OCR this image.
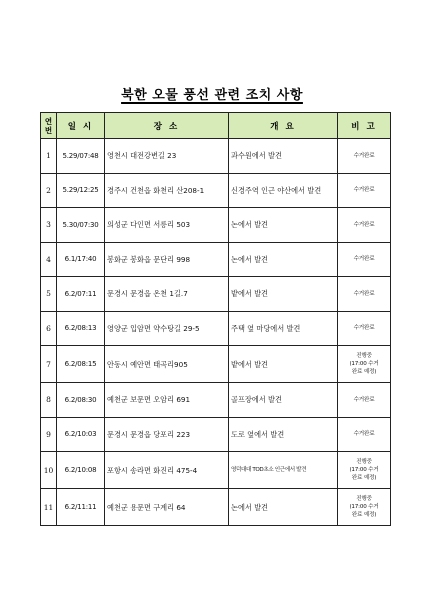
북한 오물 풍선 관련 조치 사항
연
번	일 시	장 소	개 요	비 고
1	5.29/07:48	영천시 대전강변길 23	과수원에서 발견	수거완료

2	5.29/12:25	경주시 건천읍 화천리 산208-1	신경주역 인근 야산에서 발견	수거완료

3	5.30/07:30	의성군 다인면 서릉리 503	논에서 발견	수거완료

4	6.1/17:40	봉화군 봉화읍 문단리 998	논에서 발견	수거완료

5	6.2/07:11	문경시 문경읍 온천 1길.7	밭에서 발견	수거완료

6	6.2/08:13	영양군 입암면 약수탕길 29-5	주택 옆 마당에서 발견	수거완료

7	6.2/08:15	안동시 예안면 태곡리905	밭에서 발견	진행중
(17:00 수거
완료 예정)

8	6.2/08:30	예천군 보문면 오암리 691	골프장에서 발견	수거완료

9	6.2/10:03	문경시 문경읍 당포리 223	도로 옆에서 발견	수거완료

10	6.2/10:08	포항시 송라면 화진리 475-4	영덕대대 TOD초소 인근에서 발견	진행중
(17:00 수거
완료 예정)

11	6.2/11:11	예천군 용문면 구계리 64	논에서 발견	진행중
(17:00 수거
완료 예정)
